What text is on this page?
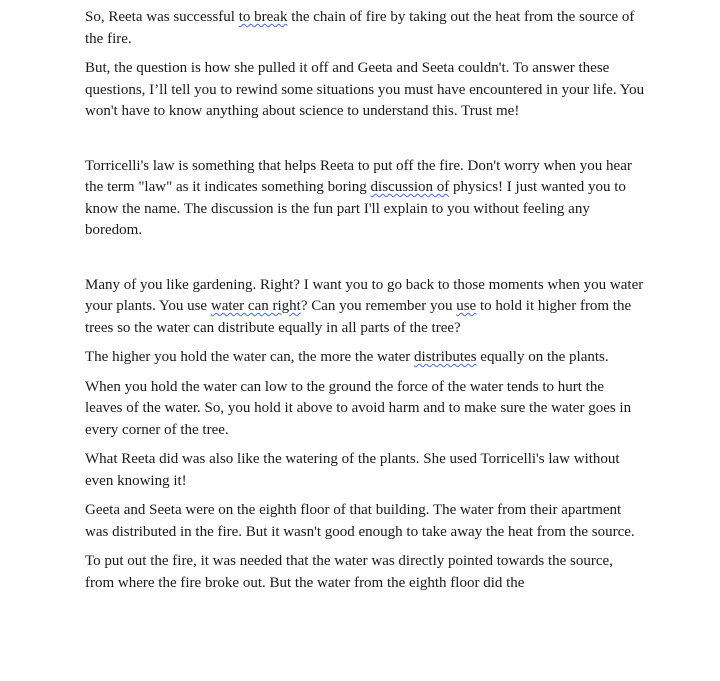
So, Reeta was successful to break the chain of fire by taking out the heat from the source of the fire.

But, the question is how she pulled it off and Geeta and Seeta couldn't. To answer these questions, I’ll tell you to rewind some situations you must have encountered in your life. You won't have to know anything about science to understand this. Trust me!

Torricelli's law is something that helps Reeta to put off the fire. Don't worry when you hear the term "law" as it indicates something boring discussion of physics! I just wanted you to know the name. The discussion is the fun part I'll explain to you without feeling any boredom.

Many of you like gardening. Right? I want you to go back to those moments when you water your plants. You use water can right? Can you remember you use to hold it higher from the trees so the water can distribute equally in all parts of the tree?

The higher you hold the water can, the more the water distributes equally on the plants.

When you hold the water can low to the ground the force of the water tends to hurt the leaves of the water. So, you hold it above to avoid harm and to make sure the water goes in every corner of the tree.

What Reeta did was also like the watering of the plants. She used Torricelli's law without even knowing it!

Geeta and Seeta were on the eighth floor of that building. The water from their apartment was distributed in the fire. But it wasn't good enough to take away the heat from the source.

To put out the fire, it was needed that the water was directly pointed towards the source, from where the fire broke out. But the water from the eighth floor did the
